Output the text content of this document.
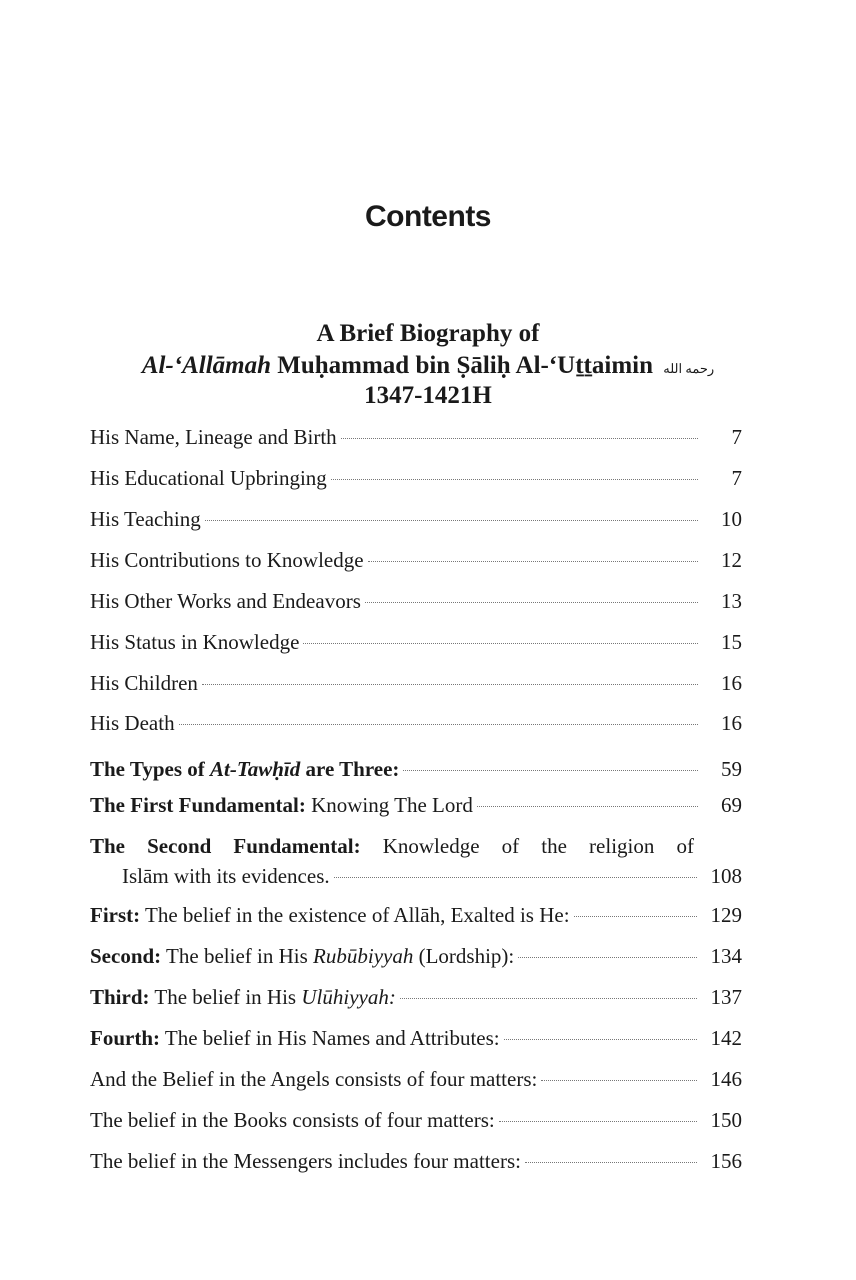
Contents
A Brief Biography of
Al-‘Allāmah Muḥammad bin Ṣāliḥ Al-‘Uṯṯaimin رحمه الله
1347-1421H
His Name, Lineage and Birth	7
His Educational Upbringing	7
His Teaching	10
His Contributions to Knowledge	12
His Other Works and Endeavors	13
His Status in Knowledge	15
His Children	16
His Death	16
The Types of At-Tawḥīd are Three:	59
The First Fundamental: Knowing The Lord	69
The Second Fundamental: Knowledge of the religion of
Islām with its evidences.	108
First: The belief in the existence of Allāh, Exalted is He:	129
Second: The belief in His Rubūbiyyah (Lordship):	134
Third: The belief in His Ulūhiyyah:	137
Fourth: The belief in His Names and Attributes:	142
And the Belief in the Angels consists of four matters:	146
The belief in the Books consists of four matters:	150
The belief in the Messengers includes four matters:	156
